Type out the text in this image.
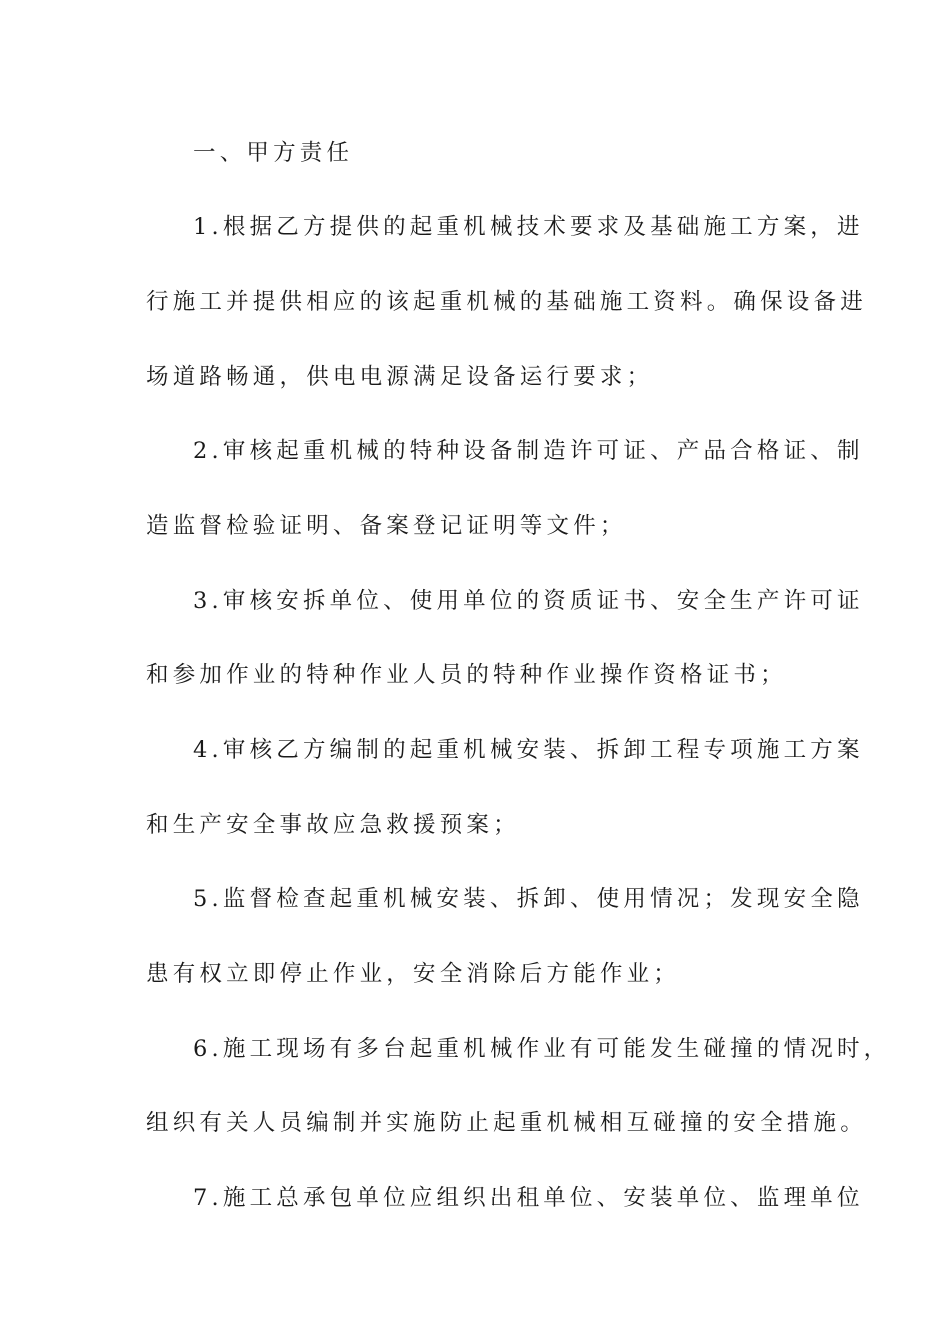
一、甲方责任
1.根据乙方提供的起重机械技术要求及基础施工方案，进
行施工并提供相应的该起重机械的基础施工资料。确保设备进
场道路畅通，供电电源满足设备运行要求；
2.审核起重机械的特种设备制造许可证、产品合格证、制
造监督检验证明、备案登记证明等文件；
3.审核安拆单位、使用单位的资质证书、安全生产许可证
和参加作业的特种作业人员的特种作业操作资格证书；
4.审核乙方编制的起重机械安装、拆卸工程专项施工方案
和生产安全事故应急救援预案；
5.监督检查起重机械安装、拆卸、使用情况；发现安全隐
患有权立即停止作业，安全消除后方能作业；
6.施工现场有多台起重机械作业有可能发生碰撞的情况时，
组织有关人员编制并实施防止起重机械相互碰撞的安全措施。
7.施工总承包单位应组织出租单位、安装单位、监理单位
